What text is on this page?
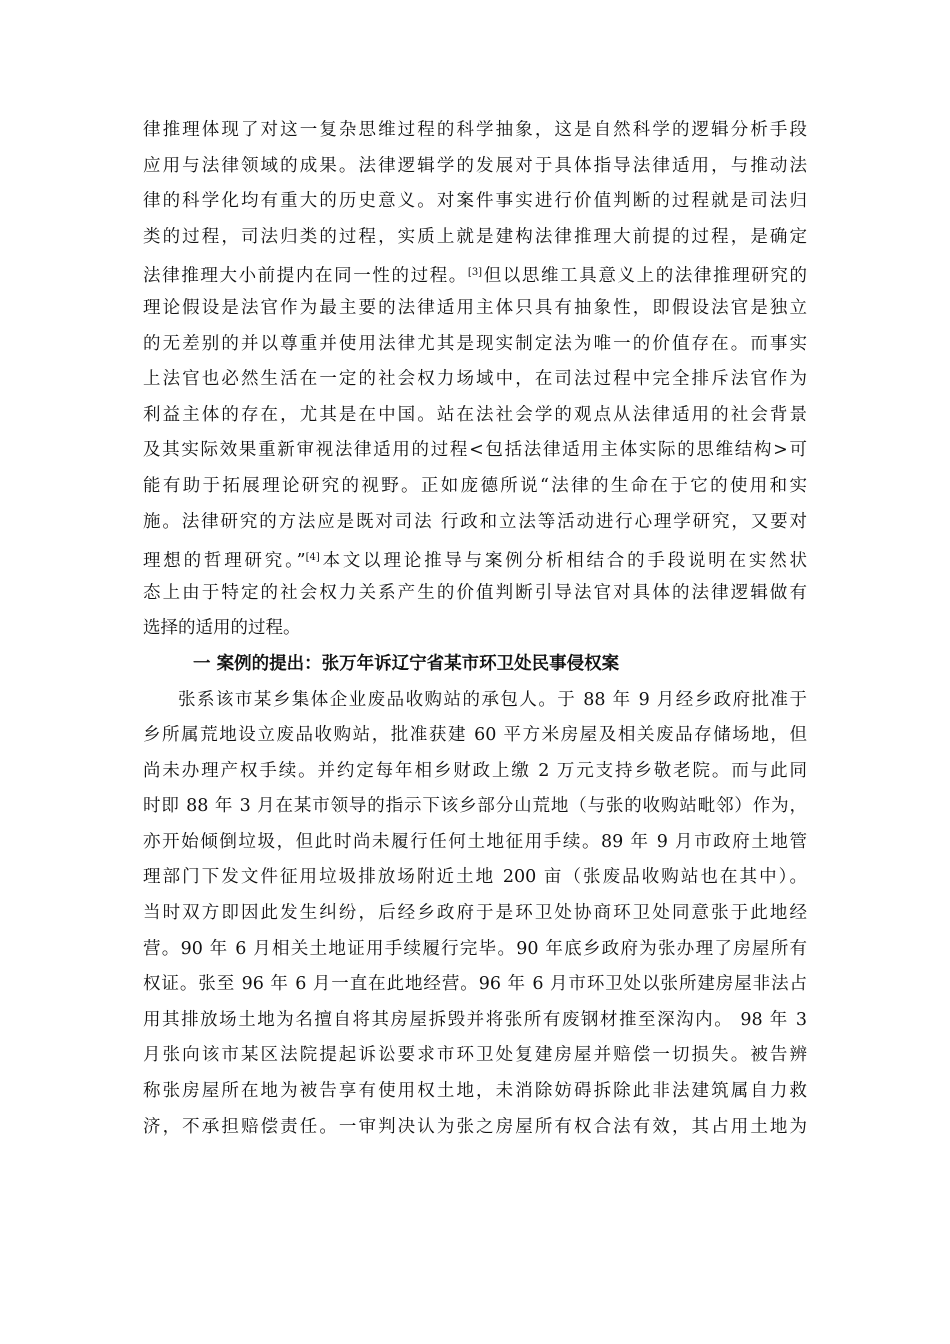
律推理体现了对这一复杂思维过程的科学抽象，这是自然科学的逻辑分析手段
应用与法律领域的成果。法律逻辑学的发展对于具体指导法律适用，与推动法
律的科学化均有重大的历史意义。对案件事实进行价值判断的过程就是司法归
类的过程，司法归类的过程，实质上就是建构法律推理大前提的过程，是确定
法律推理大小前提内在同一性的过程。[3]但以思维工具意义上的法律推理研究的
理论假设是法官作为最主要的法律适用主体只具有抽象性，即假设法官是独立
的无差别的并以尊重并使用法律尤其是现实制定法为唯一的价值存在。而事实
上法官也必然生活在一定的社会权力场域中，在司法过程中完全排斥法官作为
利益主体的存在，尤其是在中国。站在法社会学的观点从法律适用的社会背景
及其实际效果重新审视法律适用的过程<包括法律适用主体实际的思维结构>可
能有助于拓展理论研究的视野。正如庞德所说“法律的生命在于它的使用和实
施。法律研究的方法应是既对司法 行政和立法等活动进行心理学研究，又要对
理想的哲理研究。”[4]本文以理论推导与案例分析相结合的手段说明在实然状
态上由于特定的社会权力关系产生的价值判断引导法官对具体的法律逻辑做有
选择的适用的过程。
一 案例的提出：张万年诉辽宁省某市环卫处民事侵权案
张系该市某乡集体企业废品收购站的承包人。于 88 年 9 月经乡政府批准于
乡所属荒地设立废品收购站，批准获建 60 平方米房屋及相关废品存储场地，但
尚未办理产权手续。并约定每年相乡财政上缴 2 万元支持乡敬老院。而与此同
时即 88 年 3 月在某市领导的指示下该乡部分山荒地（与张的收购站毗邻）作为，
亦开始倾倒垃圾，但此时尚未履行任何土地征用手续。89 年 9 月市政府土地管
理部门下发文件征用垃圾排放场附近土地 200 亩（张废品收购站也在其中）。
当时双方即因此发生纠纷，后经乡政府于是环卫处协商环卫处同意张于此地经
营。90 年 6 月相关土地证用手续履行完毕。90 年底乡政府为张办理了房屋所有
权证。张至 96 年 6 月一直在此地经营。96 年 6 月市环卫处以张所建房屋非法占
用其排放场土地为名擅自将其房屋拆毁并将张所有废钢材推至深沟内。 98 年 3
月张向该市某区法院提起诉讼要求市环卫处复建房屋并赔偿一切损失。被告辨
称张房屋所在地为被告享有使用权土地，未消除妨碍拆除此非法建筑属自力救
济，不承担赔偿责任。一审判决认为张之房屋所有权合法有效，其占用土地为
